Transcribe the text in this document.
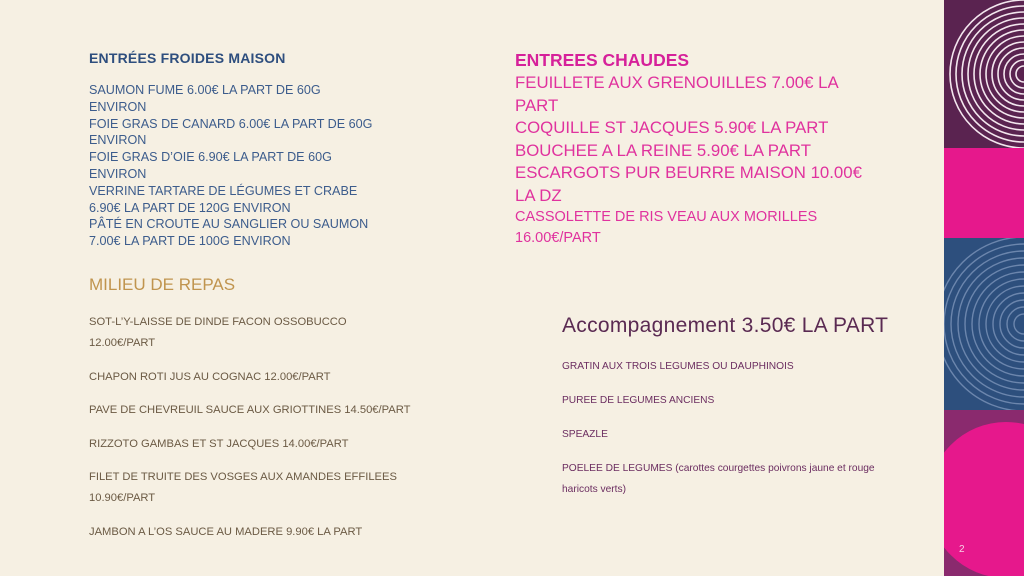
ENTRÉES FROIDES MAISON
SAUMON FUME 6.00€ LA PART DE 60G
ENVIRON
FOIE GRAS DE CANARD 6.00€ LA PART DE 60G
ENVIRON
FOIE GRAS D’OIE 6.90€ LA PART DE 60G
ENVIRON
VERRINE TARTARE DE LÉGUMES ET CRABE
6.90€ LA PART DE 120G ENVIRON
PÂTÉ EN CROUTE AU SANGLIER OU SAUMON
7.00€ LA PART DE 100G ENVIRON
MILIEU DE REPAS
SOT-L’Y-LAISSE DE DINDE FACON OSSOBUCCO
12.00€/PART
CHAPON ROTI JUS AU COGNAC 12.00€/PART
PAVE DE CHEVREUIL SAUCE AUX GRIOTTINES 14.50€/PART
RIZZOTO GAMBAS ET ST JACQUES 14.00€/PART
FILET DE TRUITE DES VOSGES AUX AMANDES EFFILEES
10.90€/PART
JAMBON A L’OS SAUCE AU MADERE 9.90€ LA PART
ENTREES CHAUDES
FEUILLETE AUX GRENOUILLES 7.00€ LA
PART
COQUILLE ST JACQUES 5.90€ LA PART
BOUCHEE A LA REINE 5.90€ LA PART
ESCARGOTS PUR BEURRE MAISON 10.00€
LA DZ
CASSOLETTE DE RIS VEAU AUX MORILLES
16.00€/PART
Accompagnement 3.50€ LA PART
GRATIN AUX TROIS LEGUMES OU DAUPHINOIS
PUREE DE LEGUMES ANCIENS
SPEAZLE
POELEE DE LEGUMES (carottes courgettes poivrons jaune et rouge
haricots verts)
2
